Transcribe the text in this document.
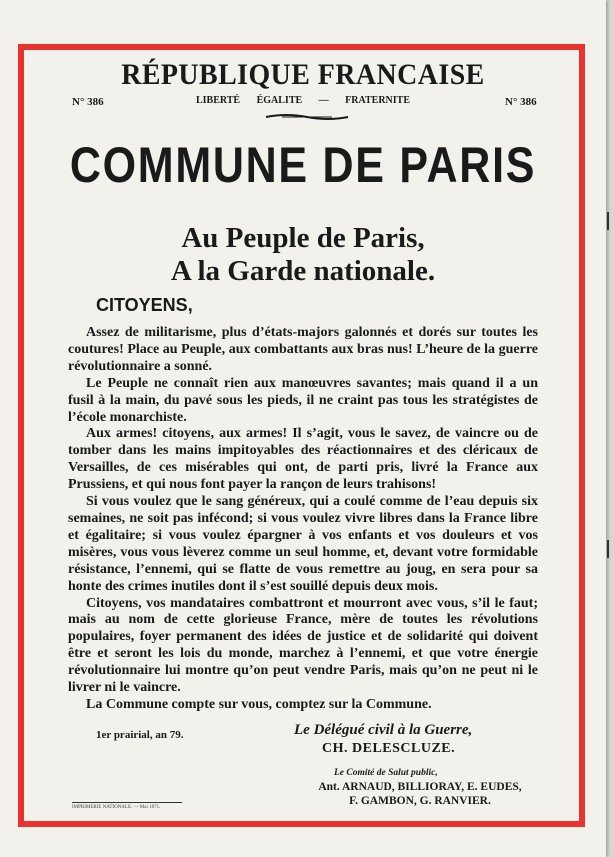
RÉPUBLIQUE FRANCAISE
N° 386	N° 386
LIBERTÉ ÉGALITE — FRATERNITE
COMMUNE DE PARIS
Au Peuple de Paris,
A la Garde nationale.
CITOYENS,

Assez de militarisme, plus d’états-majors galonnés et dorés sur toutes les coutures! Place au Peuple, aux combattants aux bras nus! L’heure de la guerre révolutionnaire a sonné.

Le Peuple ne connaît rien aux manœuvres savantes; mais quand il a un fusil à la main, du pavé sous les pieds, il ne craint pas tous les stratégistes de l’école monarchiste.

Aux armes! citoyens, aux armes! Il s’agit, vous le savez, de vaincre ou de tomber dans les mains impitoyables des réactionnaires et des cléricaux de Versailles, de ces misérables qui ont, de parti pris, livré la France aux Prussiens, et qui nous font payer la rançon de leurs trahisons!

Si vous voulez que le sang généreux, qui a coulé comme de l’eau depuis six semaines, ne soit pas infécond; si vous voulez vivre libres dans la France libre et égalitaire; si vous voulez épargner à vos enfants et vos douleurs et vos misères, vous vous lèverez comme un seul homme, et, devant votre formidable résistance, l’ennemi, qui se flatte de vous remettre au joug, en sera pour sa honte des crimes inutiles dont il s’est souillé depuis deux mois.

Citoyens, vos mandataires combattront et mourront avec vous, s’il le faut; mais au nom de cette glorieuse France, mère de toutes les révolutions populaires, foyer permanent des idées de justice et de solidarité qui doivent être et seront les lois du monde, marchez à l’ennemi, et que votre énergie révolutionnaire lui montre qu’on peut vendre Paris, mais qu’on ne peut ni le livrer ni le vaincre.

La Commune compte sur vous, comptez sur la Commune.

1er prairial, an 79.	Le Délégué civil à la Guerre,
CH. DELESCLUZE.
Le Comité de Salut public,
Ant. ARNAUD, BILLIORAY, E. EUDES,
F. GAMBON, G. RANVIER.
IMPRIMERIE NATIONALE. — Mai 1871.
